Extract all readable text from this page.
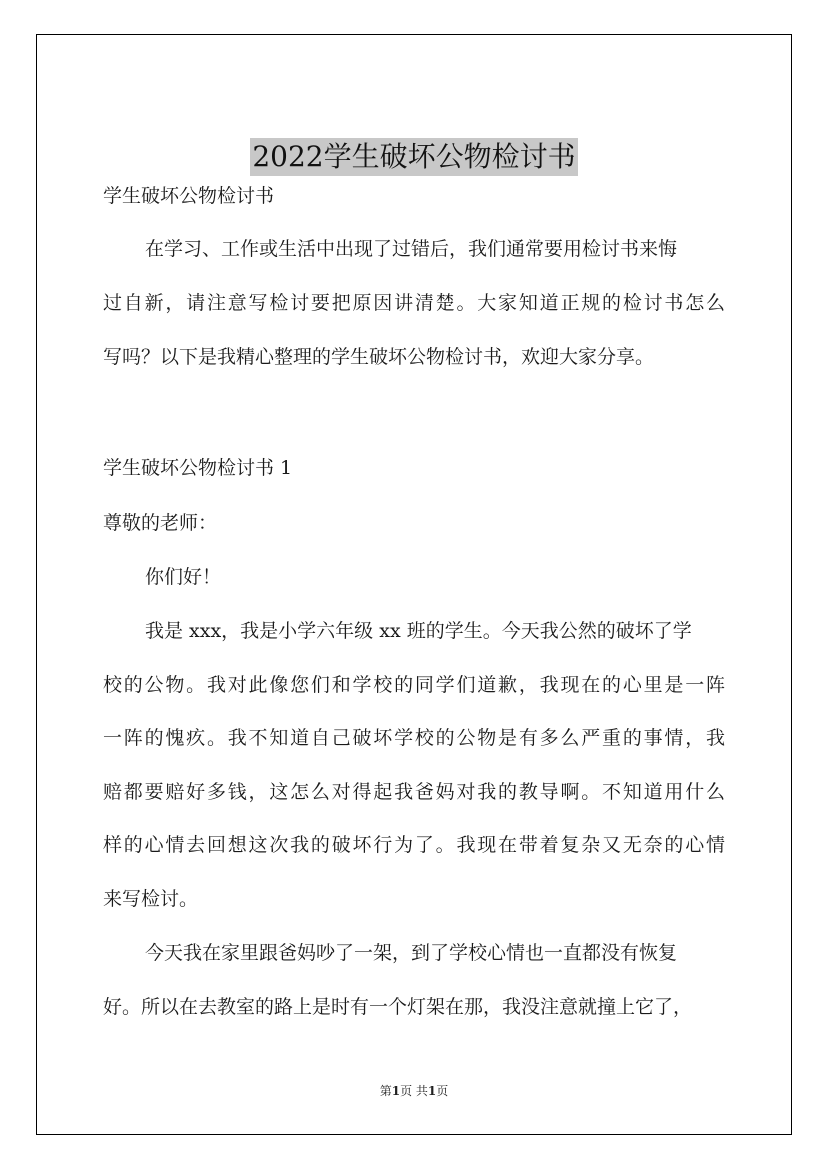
2022学生破坏公物检讨书
学生破坏公物检讨书
在学习、工作或生活中出现了过错后，我们通常要用检讨书来悔
过自新，请注意写检讨要把原因讲清楚。大家知道正规的检讨书怎么
写吗？以下是我精心整理的学生破坏公物检讨书，欢迎大家分享。
学生破坏公物检讨书 1
尊敬的老师：
你们好！
我是 xxx，我是小学六年级 xx 班的学生。今天我公然的破坏了学
校的公物。我对此像您们和学校的同学们道歉，我现在的心里是一阵
一阵的愧疚。我不知道自己破坏学校的公物是有多么严重的事情，我
赔都要赔好多钱，这怎么对得起我爸妈对我的教导啊。不知道用什么
样的心情去回想这次我的破坏行为了。我现在带着复杂又无奈的心情
来写检讨。
今天我在家里跟爸妈吵了一架，到了学校心情也一直都没有恢复
好。所以在去教室的路上是时有一个灯架在那，我没注意就撞上它了，
第1页 共1页
